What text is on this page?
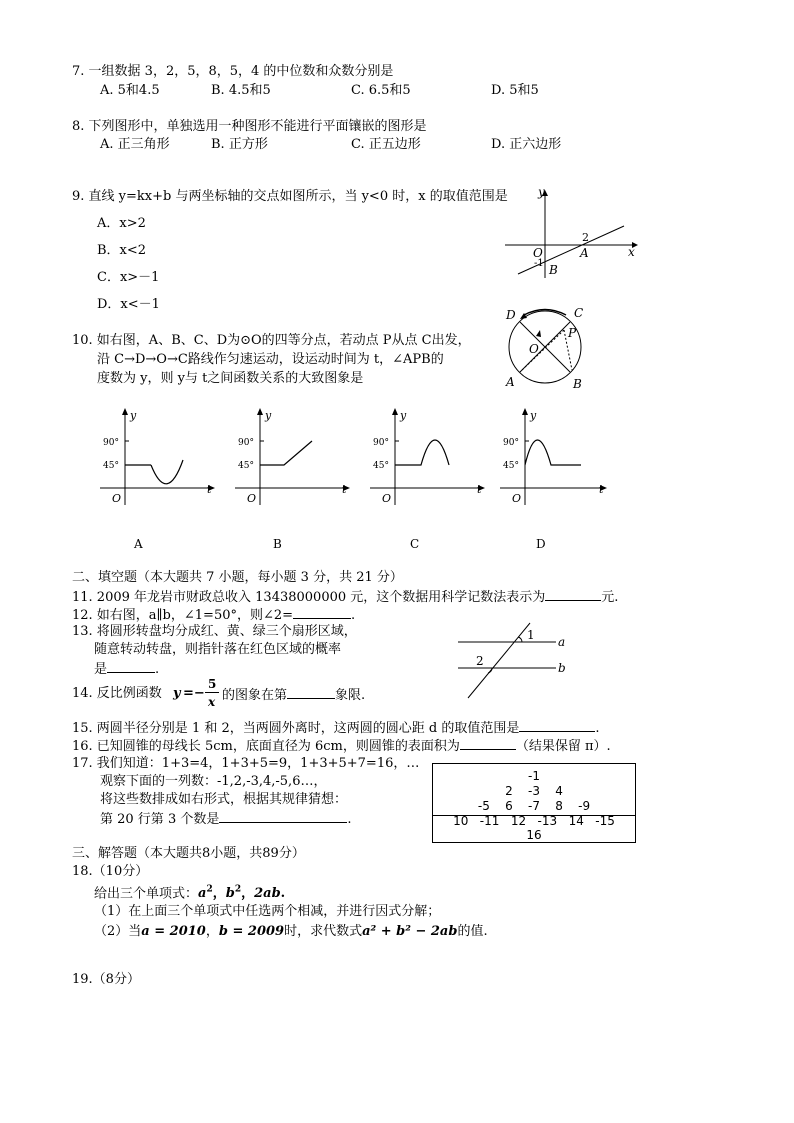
7. 一组数据 3，2，5，8，5，4 的中位数和众数分别是
A. 5和4.5	B. 4.5和5	C. 6.5和5	D. 5和5
8. 下列图形中，单独选用一种图形不能进行平面镶嵌的图形是
A. 正三角形	B. 正方形	C. 正五边形	D. 正六边形
9. 直线 y=kx+b 与两坐标轴的交点如图所示，当 y<0 时，x 的取值范围是
A．x>2
B．x<2
C．x>－1
D．x<－1
y
x
O
-1
2
A
B
10. 如右图，A、B、C、D为⊙O的四等分点，若动点 P从点 C出发，
沿 C→D→O→C路线作匀速运动，设运动时间为 t，∠APB的
度数为 y，则 y与 t之间函数关系的大致图象是
D	C
P
O
A	B
y
t
O
90°
45°
y
t
O
90°
45°
y
t
O
90°
45°
y
t
O
90°
45°
A	B	C	D
二、填空题（本大题共 7 小题，每小题 3 分，共 21 分）
11. 2009 年龙岩市财政总收入 13438000000 元，这个数据用科学记数法表示为	元.
12. 如右图，a∥b，∠1=50°，则∠2=	.
13. 将圆形转盘均分成红、黄、绿三个扇形区域，
随意转动转盘，则指针落在红色区域的概率
是	.
1
2
a
b
14. 反比例函数 y =−
5
x 的图象在第	象限.
15. 两圆半径分别是 1 和 2，当两圆外离时，这两圆的圆心距 d 的取值范围是	.
16. 已知圆锥的母线长 5cm，底面直径为 6cm，则圆锥的表面积为	（结果保留 π）.
17. 我们知道：1+3=4，1+3+5=9，1+3+5+7=16，…
观察下面的一列数：-1,2,-3,4,-5,6…，
将这些数排成如右形式，根据其规律猜想：
第 20 行第 3 个数是	.
-1
2    -3    4
-5    6    -7    8    -9
10   -11   12   -13   14   -15
16
三、解答题（本大题共8小题，共89分）
18.（10分）
给出三个单项式：$a^2$，$b^2$，2ab.
（1）在上面三个单项式中任选两个相减，并进行因式分解；
（2）当a = 2010，b = 2009时，求代数式a² + b² − 2ab的值.
19.（8分）
